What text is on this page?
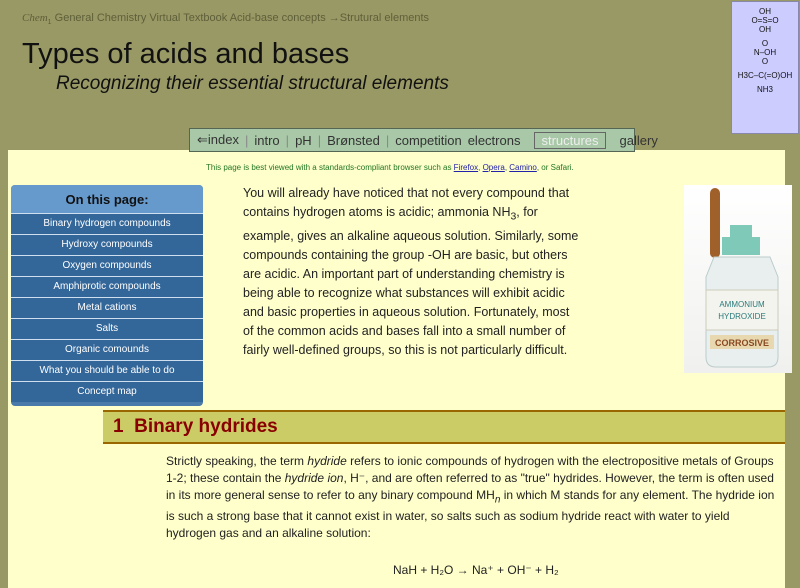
Chem$_1$ General Chemistry Virtual Textbook Acid-base concepts →Strutural elements
Types of acids and bases
Recognizing their essential structural elements
OH
O=S=O
OH
O
N–OH
O
H3C–C(=O)OH
NH3
⇐index | intro | pH | Brønsted | competition electrons	structures	gallery
This page is best viewed with a standards-compliant browser such as Firefox, Opera, Camino, or Safari.
On this page:
Binary hydrogen compounds
Hydroxy compounds
Oxygen compounds
Amphiprotic compounds
Metal cations
Salts
Organic comounds
What you should be able to do
Concept map
You will already have noticed that not every compound that contains hydrogen atoms is acidic; ammonia $NH_3$, for example, gives an alkaline aqueous solution. Similarly, some compounds containing the group -OH are basic, but others are acidic. An important part of understanding chemistry is being able to recognize what substances will exhibit acidic and basic properties in aqueous solution. Fortunately, most of the common acids and bases fall into a small number of fairly well-defined groups, so this is not particularly difficult.
AMMONIUM
HYDROXIDE
CORROSIVE
1  Binary hydrides
Strictly speaking, the term hydride refers to ionic compounds of hydrogen with the electropositive metals of Groups 1-2; these contain the hydride ion, H⁻, and are often referred to as "true" hydrides. However, the term is often used in its more general sense to refer to any binary compound $MH_n$ in which M stands for any element. The hydride ion is such a strong base that it cannot exist in water, so salts such as sodium hydride react with water to yield hydrogen gas and an alkaline solution:
NaH + H₂O → Na⁺ + OH⁻ + H₂
